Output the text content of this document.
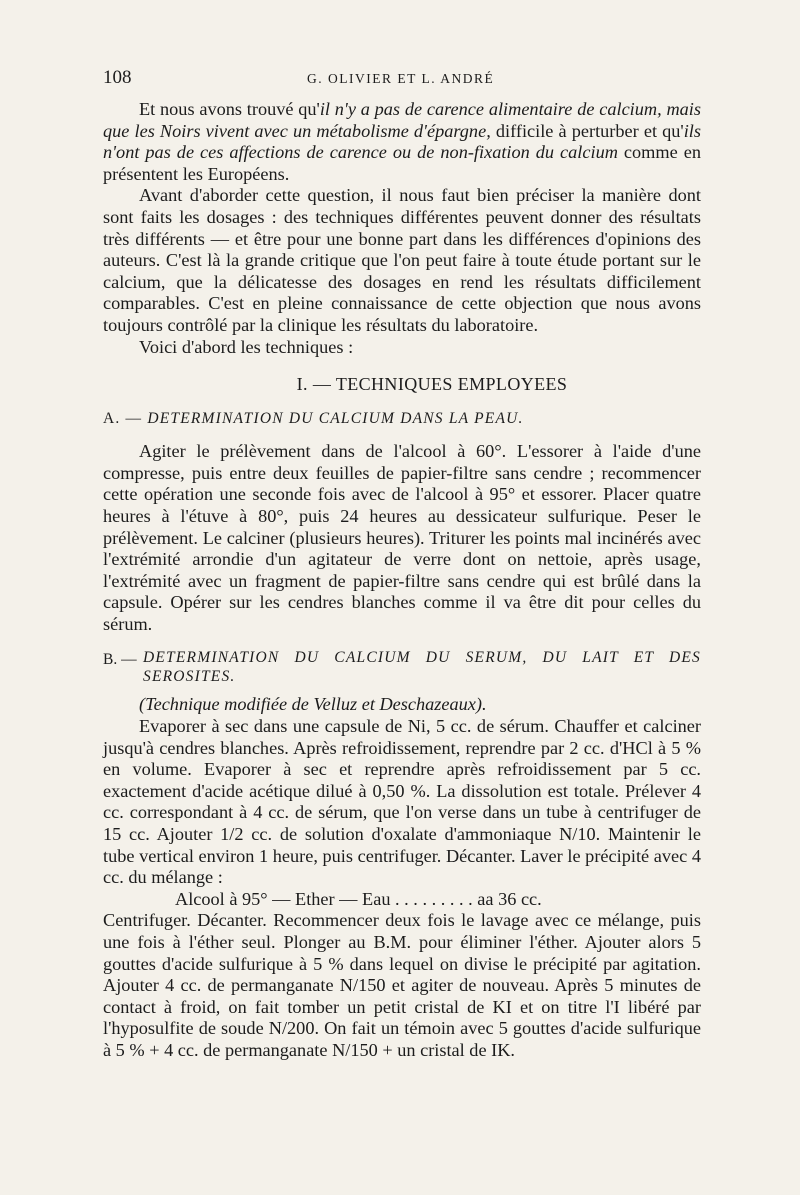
108	G. OLIVIER ET L. ANDRÉ

Et nous avons trouvé qu'il n'y a pas de carence alimentaire de calcium, mais que les Noirs vivent avec un métabolisme d'épargne, difficile à perturber et qu'ils n'ont pas de ces affections de carence ou de non-fixation du calcium comme en présentent les Européens.

Avant d'aborder cette question, il nous faut bien préciser la manière dont sont faits les dosages : des techniques différentes peuvent donner des résultats très différents — et être pour une bonne part dans les différences d'opinions des auteurs. C'est là la grande critique que l'on peut faire à toute étude portant sur le calcium, que la délicatesse des dosages en rend les résultats difficilement comparables. C'est en pleine connaissance de cette objection que nous avons toujours contrôlé par la clinique les résultats du laboratoire.

Voici d'abord les techniques :

I. — TECHNIQUES EMPLOYEES
A. — DETERMINATION DU CALCIUM DANS LA PEAU.

Agiter le prélèvement dans de l'alcool à 60°. L'essorer à l'aide d'une compresse, puis entre deux feuilles de papier-filtre sans cendre ; recommencer cette opération une seconde fois avec de l'alcool à 95° et essorer. Placer quatre heures à l'étuve à 80°, puis 24 heures au dessicateur sulfurique. Peser le prélèvement. Le calciner (plusieurs heures). Triturer les points mal incinérés avec l'extrémité arrondie d'un agitateur de verre dont on nettoie, après usage, l'extrémité avec un fragment de papier-filtre sans cendre qui est brûlé dans la capsule. Opérer sur les cendres blanches comme il va être dit pour celles du sérum.

B. — DETERMINATION DU CALCIUM DU SERUM, DU LAIT ET DES SEROSITES.

(Technique modifiée de Velluz et Deschazeaux).

Evaporer à sec dans une capsule de Ni, 5 cc. de sérum. Chauffer et calciner jusqu'à cendres blanches. Après refroidissement, reprendre par 2 cc. d'HCl à 5 % en volume. Evaporer à sec et reprendre après refroidissement par 5 cc. exactement d'acide acétique dilué à 0,50 %. La dissolution est totale. Prélever 4 cc. correspondant à 4 cc. de sérum, que l'on verse dans un tube à centrifuger de 15 cc. Ajouter 1/2 cc. de solution d'oxalate d'ammoniaque N/10. Maintenir le tube vertical environ 1 heure, puis centrifuger. Décanter. Laver le précipité avec 4 cc. du mélange :

Alcool à 95° — Ether — Eau . . . . . . . . . aa 36 cc.

Centrifuger. Décanter. Recommencer deux fois le lavage avec ce mélange, puis une fois à l'éther seul. Plonger au B.M. pour éliminer l'éther. Ajouter alors 5 gouttes d'acide sulfurique à 5 % dans lequel on divise le précipité par agitation. Ajouter 4 cc. de permanganate N/150 et agiter de nouveau. Après 5 minutes de contact à froid, on fait tomber un petit cristal de KI et on titre l'I libéré par l'hyposulfite de soude N/200. On fait un témoin avec 5 gouttes d'acide sulfurique à 5 % + 4 cc. de permanganate N/150 + un cristal de IK.
